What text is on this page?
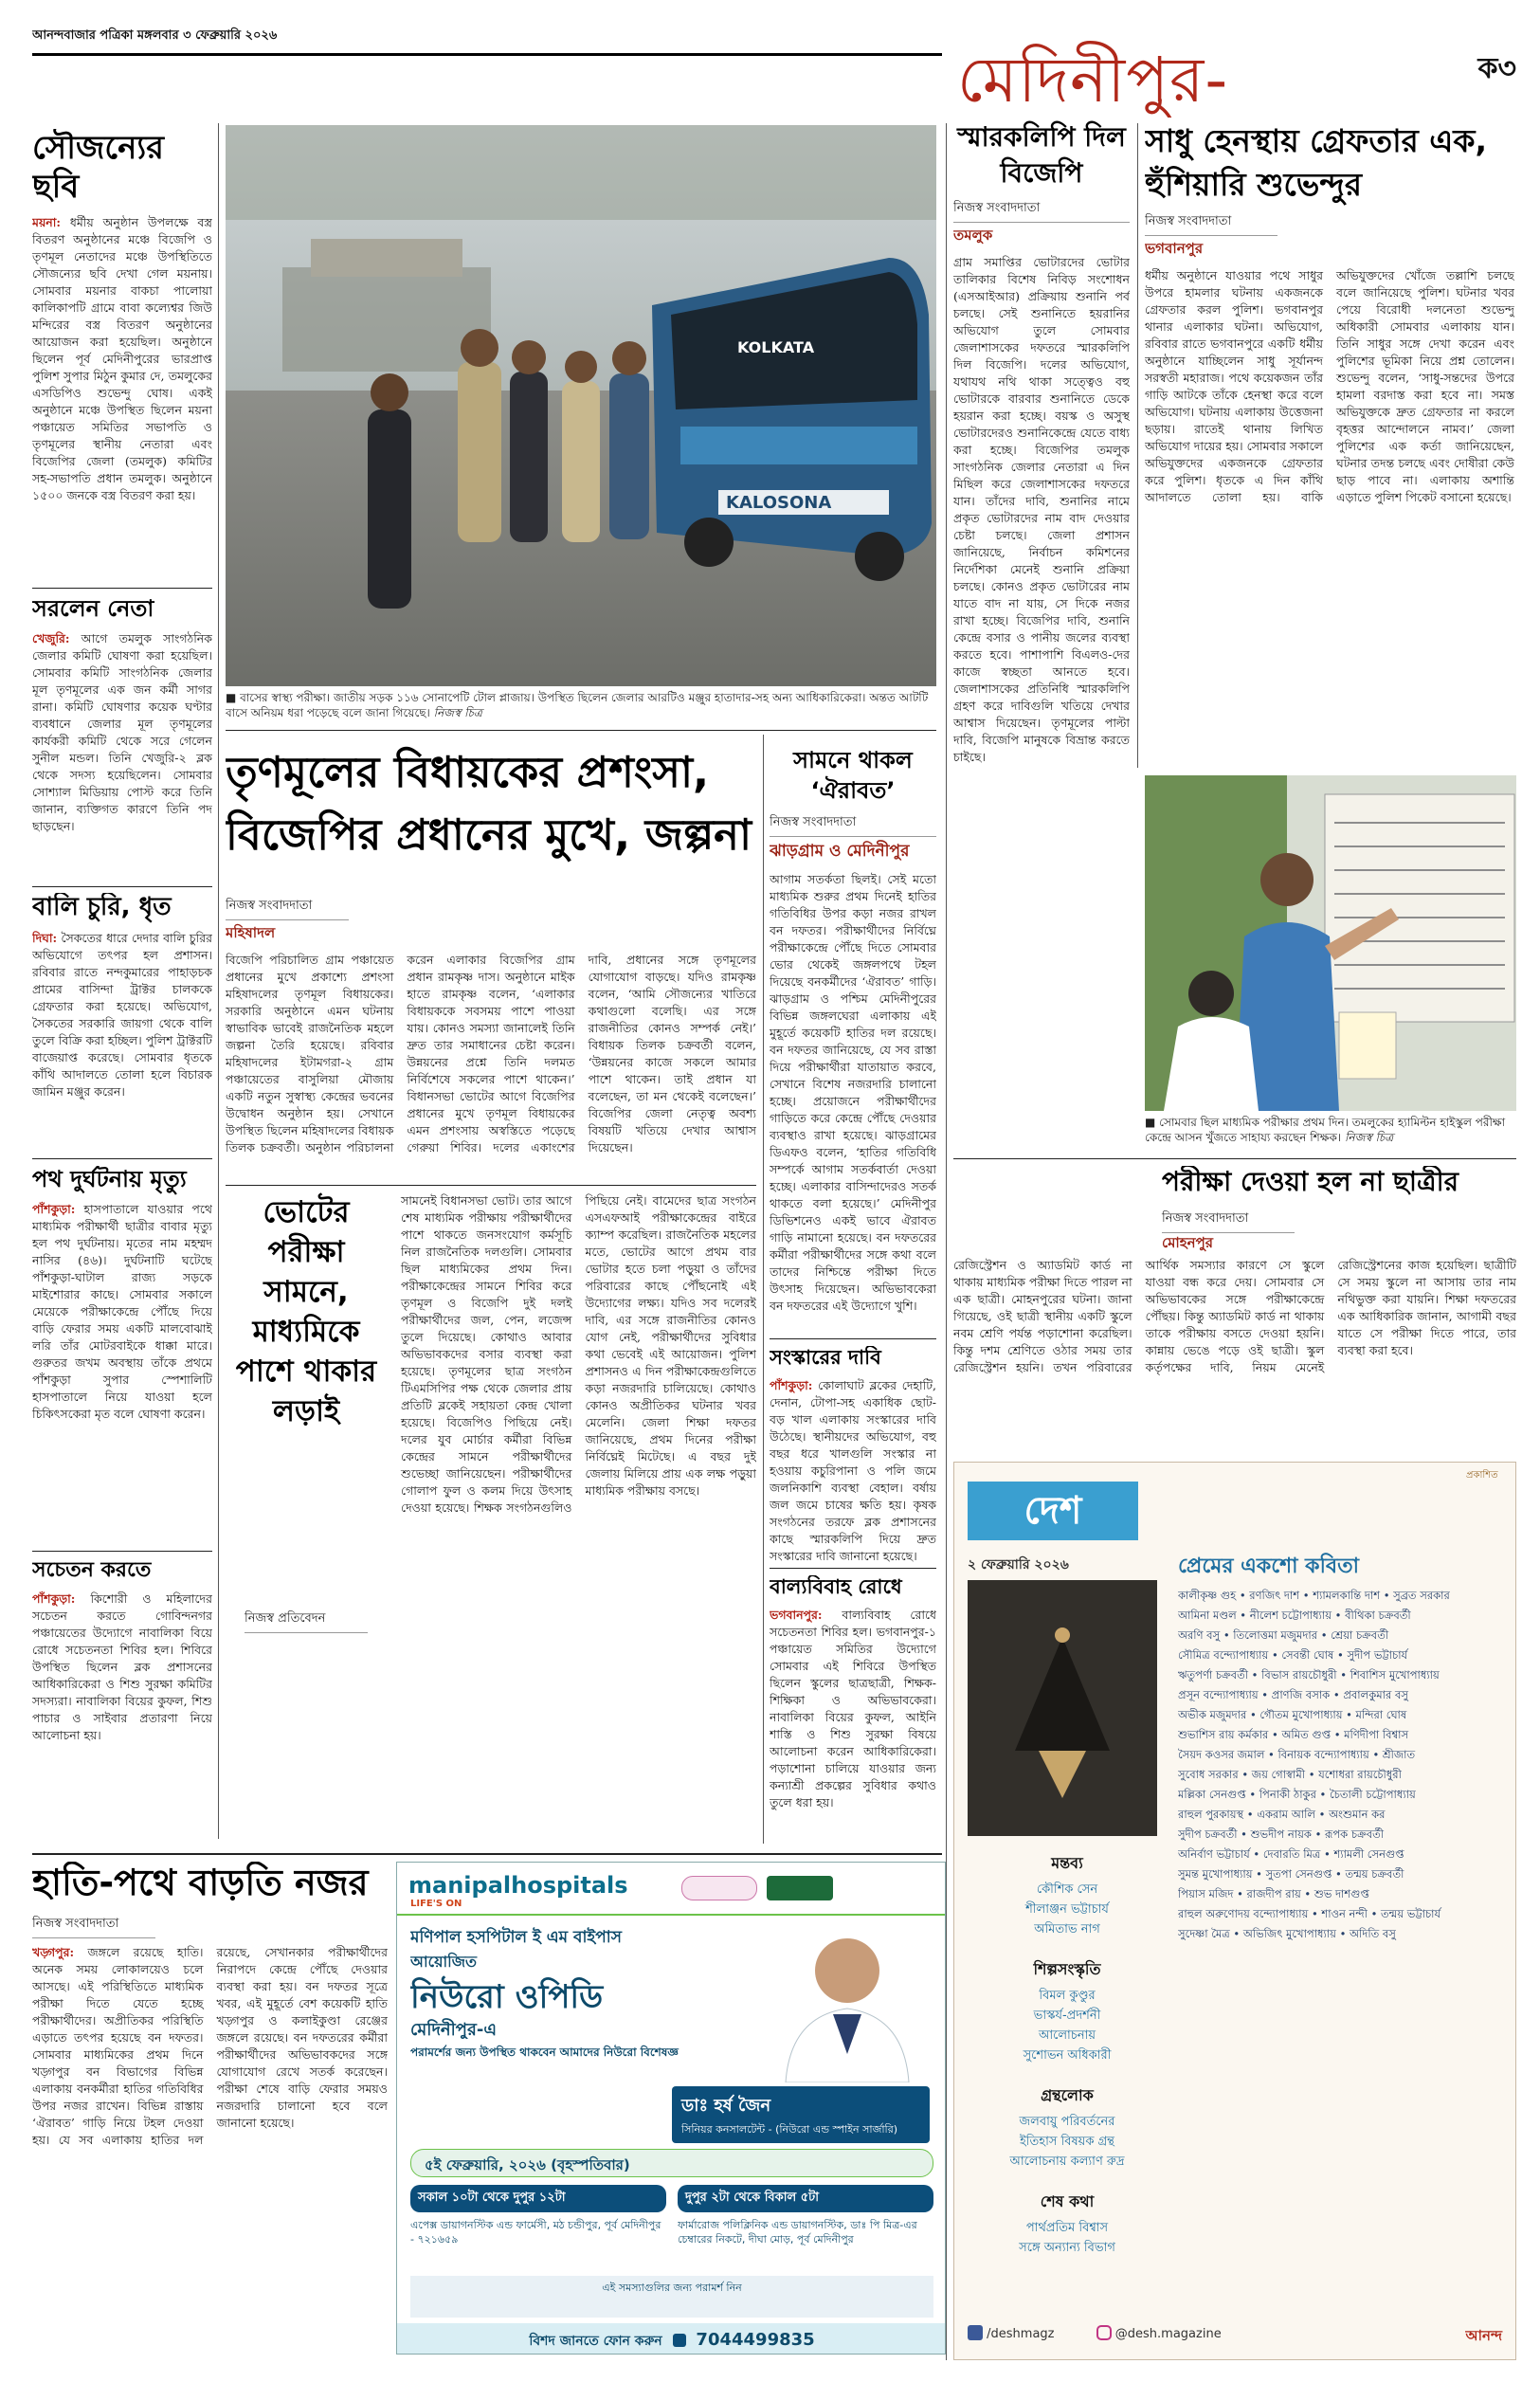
আনন্দবাজার পত্রিকা মঙ্গলবার ৩ ফেব্রুয়ারি ২০২৬
মেদিনীপুর-	ক৩
সৌজন্যের ছবি
ময়না: ধর্মীয় অনুষ্ঠান উপলক্ষে বস্ত্র বিতরণ অনুষ্ঠানের মঞ্চে বিজেপি ও তৃণমূল নেতাদের মঞ্চে উপস্থিতিতে সৌজন্যের ছবি দেখা গেল ময়নায়। সোমবার ময়নার বাকচা পালোয়া কালিকাপটি গ্রামে বাবা কল্যেশ্বর জিউ মন্দিরের বস্ত্র বিতরণ অনুষ্ঠানের আয়োজন করা হয়েছিল। অনুষ্ঠানে ছিলেন পূর্ব মেদিনীপুরের ভারপ্রাপ্ত পুলিশ সুপার মিঠুন কুমার দে, তমলুকের এসডিপিও শুভেন্দু ঘোষ। একই অনুষ্ঠানে মঞ্চে উপস্থিত ছিলেন ময়না পঞ্চায়েত সমিতির সভাপতি ও তৃণমূলের স্থানীয় নেতারা এবং বিজেপির জেলা (তমলুক) কমিটির সহ-সভাপতি প্রধান তমলুক। অনুষ্ঠানে ১৫০০ জনকে বস্ত্র বিতরণ করা হয়।
সরলেন নেতা
খেজুরি: আগে তমলুক সাংগঠনিক জেলার কমিটি ঘোষণা করা হয়েছিল। সোমবার কমিটি সাংগঠনিক জেলার মূল তৃণমূলের এক জন কর্মী সাগর রানা। কমিটি ঘোষণার কয়েক ঘণ্টার ব্যবধানে জেলার মূল তৃণমূলের কার্যকরী কমিটি থেকে সরে গেলেন সুনীল মন্ডল। তিনি খেজুরি-২ ব্লক থেকে সদস্য হয়েছিলেন। সোমবার সোশ্যাল মিডিয়ায় পোস্ট করে তিনি জানান, ব্যক্তিগত কারণে তিনি পদ ছাড়ছেন।
বালি চুরি, ধৃত
দিঘা: সৈকতের ধারে দেদার বালি চুরির অভিযোগে তৎপর হল প্রশাসন। রবিবার রাতে নন্দকুমারের পাহাড়চক প্রামের বাসিন্দা ট্রাক্টর চালককে গ্রেফতার করা হয়েছে। অভিযোগ, সৈকতের সরকারি জায়গা থেকে বালি তুলে বিক্রি করা হচ্ছিল। পুলিশ ট্রাক্টরটি বাজেয়াপ্ত করেছে। সোমবার ধৃতকে কাঁথি আদালতে তোলা হলে বিচারক জামিন মঞ্জুর করেন।
পথ দুর্ঘটনায় মৃত্যু
পাঁশকুড়া: হাসপাতালে যাওয়ার পথে মাধ্যমিক পরীক্ষার্থী ছাত্রীর বাবার মৃত্যু হল পথ দুর্ঘটনায়। মৃতের নাম মহম্মদ নাসির (৪৬)। দুর্ঘটনাটি ঘটেছে পাঁশকুড়া-ঘাটাল রাজ্য সড়কে মাইশোরার কাছে। সোমবার সকালে মেয়েকে পরীক্ষাকেন্দ্রে পৌঁছে দিয়ে বাড়ি ফেরার সময় একটি মালবোঝাই লরি তাঁর মোটরবাইকে ধাক্কা মারে। গুরুতর জখম অবস্থায় তাঁকে প্রথমে পাঁশকুড়া সুপার স্পেশালিটি হাসপাতালে নিয়ে যাওয়া হলে চিকিৎসকেরা মৃত বলে ঘোষণা করেন।
সচেতন করতে
পাঁশকুড়া: কিশোরী ও মহিলাদের সচেতন করতে গোবিন্দনগর পঞ্চায়েতের উদ্যোগে নাবালিকা বিয়ে রোধে সচেতনতা শিবির হল। শিবিরে উপস্থিত ছিলেন ব্লক প্রশাসনের আধিকারিকেরা ও শিশু সুরক্ষা কমিটির সদস্যরা। নাবালিকা বিয়ের কুফল, শিশু পাচার ও সাইবার প্রতারণা নিয়ে আলোচনা হয়।
KALOSONA
KOLKATA
■ বাসের স্বাস্থ্য পরীক্ষা। জাতীয় সড়ক ১১৬ সোনাপেটি টোল প্লাজায়। উপস্থিত ছিলেন জেলার আরটিও মঞ্জুর হাতাদার-সহ অন্য আধিকারিকেরা। অন্তত আটটি বাসে অনিয়ম ধরা পড়েছে বলে জানা গিয়েছে। নিজস্ব চিত্র
তৃণমূলের বিধায়কের প্রশংসা,
বিজেপির প্রধানের মুখে, জল্পনা
নিজস্ব সংবাদদাতা
মহিষাদল
বিজেপি পরিচালিত গ্রাম পঞ্চায়েত প্রধানের মুখে প্রকাশ্যে প্রশংসা মহিষাদলের তৃণমূল বিধায়কের। সরকারি অনুষ্ঠানে এমন ঘটনায় স্বাভাবিক ভাবেই রাজনৈতিক মহলে জল্পনা তৈরি হয়েছে। রবিবার মহিষাদলের ইটামগরা-২ গ্রাম পঞ্চায়েতের বাসুলিয়া মৌজায় একটি নতুন সুস্বাস্থ্য কেন্দ্রের ভবনের উদ্বোধন অনুষ্ঠান হয়। সেখানে উপস্থিত ছিলেন মহিষাদলের বিধায়ক তিলক চক্রবর্তী। অনুষ্ঠান পরিচালনা করেন এলাকার বিজেপির গ্রাম প্রধান রামকৃষ্ণ দাস। অনুষ্ঠানে মাইক হাতে রামকৃষ্ণ বলেন, ‘এলাকার বিধায়ককে সবসময় পাশে পাওয়া যায়। কোনও সমস্যা জানালেই তিনি দ্রুত তার সমাধানের চেষ্টা করেন। উন্নয়নের প্রশ্নে তিনি দলমত নির্বিশেষে সকলের পাশে থাকেন।’ বিধানসভা ভোটের আগে বিজেপির প্রধানের মুখে তৃণমূল বিধায়কের এমন প্রশংসায় অস্বস্তিতে পড়েছে গেরুয়া শিবির। দলের একাংশের দাবি, প্রধানের সঙ্গে তৃণমূলের যোগাযোগ বাড়ছে। যদিও রামকৃষ্ণ বলেন, ‘আমি সৌজন্যের খাতিরে কথাগুলো বলেছি। এর সঙ্গে রাজনীতির কোনও সম্পর্ক নেই।’ বিধায়ক তিলক চক্রবর্তী বলেন, ‘উন্নয়নের কাজে সকলে আমার পাশে থাকেন। তাই প্রধান যা বলেছেন, তা মন থেকেই বলেছেন।’ বিজেপির জেলা নেতৃত্ব অবশ্য বিষয়টি খতিয়ে দেখার আশ্বাস দিয়েছেন।
ভোটের পরীক্ষা সামনে, মাধ্যমিকে পাশে থাকার লড়াই
নিজস্ব প্রতিবেদন
সামনেই বিধানসভা ভোট। তার আগে শেষ মাধ্যমিক পরীক্ষায় পরীক্ষার্থীদের পাশে থাকতে জনসংযোগ কর্মসূচি নিল রাজনৈতিক দলগুলি। সোমবার ছিল মাধ্যমিকের প্রথম দিন। পরীক্ষাকেন্দ্রের সামনে শিবির করে তৃণমূল ও বিজেপি দুই দলই পরীক্ষার্থীদের জল, পেন, লজেন্স তুলে দিয়েছে। কোথাও আবার অভিভাবকদের বসার ব্যবস্থা করা হয়েছে। তৃণমূলের ছাত্র সংগঠন টিএমসিপির পক্ষ থেকে জেলার প্রায় প্রতিটি ব্লকেই সহায়তা কেন্দ্র খোলা হয়েছে। বিজেপিও পিছিয়ে নেই। দলের যুব মোর্চার কর্মীরা বিভিন্ন কেন্দ্রের সামনে পরীক্ষার্থীদের শুভেচ্ছা জানিয়েছেন। পরীক্ষার্থীদের গোলাপ ফুল ও কলম দিয়ে উৎসাহ দেওয়া হয়েছে। শিক্ষক সংগঠনগুলিও পিছিয়ে নেই। বামেদের ছাত্র সংগঠন এসএফআই পরীক্ষাকেন্দ্রের বাইরে ক্যাম্প করেছিল। রাজনৈতিক মহলের মতে, ভোটের আগে প্রথম বার ভোটার হতে চলা পড়ুয়া ও তাঁদের পরিবারের কাছে পৌঁছনোই এই উদ্যোগের লক্ষ্য। যদিও সব দলেরই দাবি, এর সঙ্গে রাজনীতির কোনও যোগ নেই, পরীক্ষার্থীদের সুবিধার কথা ভেবেই এই আয়োজন। পুলিশ প্রশাসনও এ দিন পরীক্ষাকেন্দ্রগুলিতে কড়া নজরদারি চালিয়েছে। কোথাও কোনও অপ্রীতিকর ঘটনার খবর মেলেনি। জেলা শিক্ষা দফতর জানিয়েছে, প্রথম দিনের পরীক্ষা নির্বিঘ্নেই মিটেছে। এ বছর দুই জেলায় মিলিয়ে প্রায় এক লক্ষ পড়ুয়া মাধ্যমিক পরীক্ষায় বসছে।
সামনে থাকল ‘ঐরাবত’
নিজস্ব সংবাদদাতা
ঝাড়গ্রাম ও মেদিনীপুর
আগাম সতর্কতা ছিলই। সেই মতো মাধ্যমিক শুরুর প্রথম দিনেই হাতির গতিবিধির উপর কড়া নজর রাখল বন দফতর। পরীক্ষার্থীদের নির্বিঘ্নে পরীক্ষাকেন্দ্রে পৌঁছে দিতে সোমবার ভোর থেকেই জঙ্গলপথে টহল দিয়েছে বনকর্মীদের ‘ঐরাবত’ গাড়ি। ঝাড়গ্রাম ও পশ্চিম মেদিনীপুরের বিভিন্ন জঙ্গলঘেরা এলাকায় এই মুহূর্তে কয়েকটি হাতির দল রয়েছে। বন দফতর জানিয়েছে, যে সব রাস্তা দিয়ে পরীক্ষার্থীরা যাতায়াত করবে, সেখানে বিশেষ নজরদারি চালানো হচ্ছে। প্রয়োজনে পরীক্ষার্থীদের গাড়িতে করে কেন্দ্রে পৌঁছে দেওয়ার ব্যবস্থাও রাখা হয়েছে। ঝাড়গ্রামের ডিএফও বলেন, ‘হাতির গতিবিধি সম্পর্কে আগাম সতর্কবার্তা দেওয়া হচ্ছে। এলাকার বাসিন্দাদেরও সতর্ক থাকতে বলা হয়েছে।’ মেদিনীপুর ডিভিশনেও একই ভাবে ঐরাবত গাড়ি নামানো হয়েছে। বন দফতরের কর্মীরা পরীক্ষার্থীদের সঙ্গে কথা বলে তাদের নিশ্চিন্তে পরীক্ষা দিতে উৎসাহ দিয়েছেন। অভিভাবকেরা বন দফতরের এই উদ্যোগে খুশি।
সংস্কারের দাবি
পাঁশকুড়া: কোলাঘাট ব্লকের দেহাটি, দেনান, টোপা-সহ একাধিক ছোট-বড় খাল এলাকায় সংস্কারের দাবি উঠেছে। স্থানীয়দের অভিযোগ, বহু বছর ধরে খালগুলি সংস্কার না হওয়ায় কচুরিপানা ও পলি জমে জলনিকাশি ব্যবস্থা বেহাল। বর্ষায় জল জমে চাষের ক্ষতি হয়। কৃষক সংগঠনের তরফে ব্লক প্রশাসনের কাছে স্মারকলিপি দিয়ে দ্রুত সংস্কারের দাবি জানানো হয়েছে।
বাল্যবিবাহ রোধে
ভগবানপুর: বাল্যবিবাহ রোধে সচেতনতা শিবির হল। ভগবানপুর-১ পঞ্চায়েত সমিতির উদ্যোগে সোমবার এই শিবিরে উপস্থিত ছিলেন স্কুলের ছাত্রছাত্রী, শিক্ষক-শিক্ষিকা ও অভিভাবকেরা। নাবালিকা বিয়ের কুফল, আইনি শাস্তি ও শিশু সুরক্ষা বিষয়ে আলোচনা করেন আধিকারিকেরা। পড়াশোনা চালিয়ে যাওয়ার জন্য কন্যাশ্রী প্রকল্পের সুবিধার কথাও তুলে ধরা হয়।
হাতি-পথে বাড়তি নজর
নিজস্ব সংবাদদাতা
খড়্গপুর: জঙ্গলে রয়েছে হাতি। অনেক সময় লোকালয়েও চলে আসছে। এই পরিস্থিতিতে মাধ্যমিক পরীক্ষা দিতে যেতে হচ্ছে পরীক্ষার্থীদের। অপ্রীতিকর পরিস্থিতি এড়াতে তৎপর হয়েছে বন দফতর। সোমবার মাধ্যমিকের প্রথম দিনে খড়্গপুর বন বিভাগের বিভিন্ন এলাকায় বনকর্মীরা হাতির গতিবিধির উপর নজর রাখেন। বিভিন্ন রাস্তায় ‘ঐরাবত’ গাড়ি নিয়ে টহল দেওয়া হয়। যে সব এলাকায় হাতির দল রয়েছে, সেখানকার পরীক্ষার্থীদের নিরাপদে কেন্দ্রে পৌঁছে দেওয়ার ব্যবস্থা করা হয়। বন দফতর সূত্রে খবর, এই মুহূর্তে বেশ কয়েকটি হাতি খড়্গপুর ও কলাইকুণ্ডা রেঞ্জের জঙ্গলে রয়েছে। বন দফতরের কর্মীরা পরীক্ষার্থীদের অভিভাবকদের সঙ্গে যোগাযোগ রেখে সতর্ক করেছেন। পরীক্ষা শেষে বাড়ি ফেরার সময়ও নজরদারি চালানো হবে বলে জানানো হয়েছে।
manipalhospitals
LIFE'S ON
মণিপাল হসপিটাল ই এম বাইপাস
আয়োজিত
নিউরো ওপিডি
মেদিনীপুর-এ
পরামর্শের জন্য উপস্থিত থাকবেন আমাদের নিউরো বিশেষজ্ঞ
ডাঃ হর্ষ জৈন
সিনিয়র কনসালটেন্ট - (নিউরো এন্ড স্পাইন সার্জারি)
৫ই ফেব্রুয়ারি, ২০২৬ (বৃহস্পতিবার)
সকাল ১০টা থেকে দুপুর ১২টা
এপেক্স ডায়াগনস্টিক এন্ড ফার্মেসী, মঠ চন্ডীপুর, পূর্ব মেদিনীপুর - ৭২১৬৫৯
দুপুর ২টা থেকে বিকাল ৫টা
ফার্মারোজ পলিক্লিনিক এন্ড ডায়াগনস্টিক, ডাঃ পি মিত্র-এর চেম্বারের নিকটে, দীঘা মোড়, পূর্ব মেদিনীপুর
এই সমস্যাগুলির জন্য পরামর্শ নিন
বিশদ জানতে ফোন করুন 7044499835
স্মারকলিপি দিল বিজেপি
নিজস্ব সংবাদদাতা
তমলুক
গ্রাম সমাপ্তির ভোটারদের ভোটার তালিকার বিশেষ নিবিড় সংশোধন (এসআইআর) প্রক্রিয়ায় শুনানি পর্ব চলছে। সেই শুনানিতে হয়রানির অভিযোগ তুলে সোমবার জেলাশাসকের দফতরে স্মারকলিপি দিল বিজেপি। দলের অভিযোগ, যথাযথ নথি থাকা সত্ত্বেও বহু ভোটারকে বারবার শুনানিতে ডেকে হয়রান করা হচ্ছে। বয়স্ক ও অসুস্থ ভোটারদেরও শুনানিকেন্দ্রে যেতে বাধ্য করা হচ্ছে। বিজেপির তমলুক সাংগঠনিক জেলার নেতারা এ দিন মিছিল করে জেলাশাসকের দফতরে যান। তাঁদের দাবি, শুনানির নামে প্রকৃত ভোটারদের নাম বাদ দেওয়ার চেষ্টা চলছে। জেলা প্রশাসন জানিয়েছে, নির্বাচন কমিশনের নির্দেশিকা মেনেই শুনানি প্রক্রিয়া চলছে। কোনও প্রকৃত ভোটারের নাম যাতে বাদ না যায়, সে দিকে নজর রাখা হচ্ছে। বিজেপির দাবি, শুনানি কেন্দ্রে বসার ও পানীয় জলের ব্যবস্থা করতে হবে। পাশাপাশি বিএলও-দের কাজে স্বচ্ছতা আনতে হবে। জেলাশাসকের প্রতিনিধি স্মারকলিপি গ্রহণ করে দাবিগুলি খতিয়ে দেখার আশ্বাস দিয়েছেন। তৃণমূলের পাল্টা দাবি, বিজেপি মানুষকে বিভ্রান্ত করতে চাইছে।
সাধু হেনস্থায় গ্রেফতার এক, হুঁশিয়ারি শুভেন্দুর
নিজস্ব সংবাদদাতা
ভগবানপুর
ধর্মীয় অনুষ্ঠানে যাওয়ার পথে সাধুর উপরে হামলার ঘটনায় একজনকে গ্রেফতার করল পুলিশ। ভগবানপুর থানার এলাকার ঘটনা। অভিযোগ, রবিবার রাতে ভগবানপুরে একটি ধর্মীয় অনুষ্ঠানে যাচ্ছিলেন সাধু সূর্যানন্দ সরস্বতী মহারাজ। পথে কয়েকজন তাঁর গাড়ি আটকে তাঁকে হেনস্থা করে বলে অভিযোগ। ঘটনায় এলাকায় উত্তেজনা ছড়ায়। রাতেই থানায় লিখিত অভিযোগ দায়ের হয়। সোমবার সকালে অভিযুক্তদের একজনকে গ্রেফতার করে পুলিশ। ধৃতকে এ দিন কাঁথি আদালতে তোলা হয়। বাকি অভিযুক্তদের খোঁজে তল্লাশি চলছে বলে জানিয়েছে পুলিশ। ঘটনার খবর পেয়ে বিরোধী দলনেতা শুভেন্দু অধিকারী সোমবার এলাকায় যান। তিনি সাধুর সঙ্গে দেখা করেন এবং পুলিশের ভূমিকা নিয়ে প্রশ্ন তোলেন। শুভেন্দু বলেন, ‘সাধু-সন্তদের উপরে হামলা বরদাস্ত করা হবে না। সমস্ত অভিযুক্তকে দ্রুত গ্রেফতার না করলে বৃহত্তর আন্দোলনে নামব।’ জেলা পুলিশের এক কর্তা জানিয়েছেন, ঘটনার তদন্ত চলছে এবং দোষীরা কেউ ছাড় পাবে না। এলাকায় অশান্তি এড়াতে পুলিশ পিকেট বসানো হয়েছে।
■ সোমবার ছিল মাধ্যমিক পরীক্ষার প্রথম দিন। তমলুকের হ্যামিল্টন হাইস্কুল পরীক্ষা কেন্দ্রে আসন খুঁজতে সাহায্য করছেন শিক্ষক। নিজস্ব চিত্র
পরীক্ষা দেওয়া হল না ছাত্রীর
নিজস্ব সংবাদদাতা
মোহনপুর
রেজিস্ট্রেশন ও অ্যাডমিট কার্ড না থাকায় মাধ্যমিক পরীক্ষা দিতে পারল না এক ছাত্রী। মোহনপুরের ঘটনা। জানা গিয়েছে, ওই ছাত্রী স্থানীয় একটি স্কুলে নবম শ্রেণি পর্যন্ত পড়াশোনা করেছিল। কিন্তু দশম শ্রেণিতে ওঠার সময় তার রেজিস্ট্রেশন হয়নি। তখন পরিবারের আর্থিক সমস্যার কারণে সে স্কুলে যাওয়া বন্ধ করে দেয়। সোমবার সে অভিভাবকের সঙ্গে পরীক্ষাকেন্দ্রে পৌঁছয়। কিন্তু অ্যাডমিট কার্ড না থাকায় তাকে পরীক্ষায় বসতে দেওয়া হয়নি। কান্নায় ভেঙে পড়ে ওই ছাত্রী। স্কুল কর্তৃপক্ষের দাবি, নিয়ম মেনেই রেজিস্ট্রেশনের কাজ হয়েছিল। ছাত্রীটি সে সময় স্কুলে না আসায় তার নাম নথিভুক্ত করা যায়নি। শিক্ষা দফতরের এক আধিকারিক জানান, আগামী বছর যাতে সে পরীক্ষা দিতে পারে, তার ব্যবস্থা করা হবে।
প্রকাশিত
দেশ
২ ফেব্রুয়ারি ২০২৬	প্রেমের একশো কবিতা
কালীকৃষ্ণ গুহ • রণজিৎ দাশ • শ্যামলকান্তি দাশ • সুব্রত সরকার
আমিনা মণ্ডল • নীলেশ চট্টোপাধ্যায় • বীথিকা চক্রবর্তী
অরণি বসু • তিলোত্তমা মজুমদার • শ্রেয়া চক্রবর্তী
সৌমিত্র বন্দ্যোপাধ্যায় • সেবন্তী ঘোষ • সুদীপ ভট্টাচার্য
ঋতুপর্ণা চক্রবর্তী • বিভাস রায়চৌধুরী • শিবাশিস মুখোপাধ্যায়
প্রসূন বন্দ্যোপাধ্যায় • প্রাণজি বসাক • প্রবালকুমার বসু
অভীক মজুমদার • গৌতম মুখোপাধ্যায় • মন্দিরা ঘোষ
শুভাশিস রায় কর্মকার • অমিত গুপ্ত • মণিদীপা বিশ্বাস
সৈয়দ কওসর জমাল • বিনায়ক বন্দ্যোপাধ্যায় • শ্রীজাত
সুবোধ সরকার • জয় গোস্বামী • যশোধরা রায়চৌধুরী
মল্লিকা সেনগুপ্ত • পিনাকী ঠাকুর • চৈতালী চট্টোপাধ্যায়
রাহুল পুরকায়স্থ • একরাম আলি • অংশুমান কর
সুদীপ চক্রবর্তী • শুভদীপ নায়ক • রূপক চক্রবর্তী
অনির্বাণ ভট্টাচার্য • দেবারতি মিত্র • শ্যামলী সেনগুপ্ত
সুমন্ত মুখোপাধ্যায় • সুতপা সেনগুপ্ত • তন্ময় চক্রবর্তী
পিয়াস মজিদ • রাজদীপ রায় • শুভ দাশগুপ্ত
রাহুল অরুণোদয় বন্দ্যোপাধ্যায় • শাওন নন্দী • তন্ময় ভট্টাচার্য
সুদেষ্ণা মৈত্র • অভিজিৎ মুখোপাধ্যায় • অদিতি বসু
মন্তব্য
কৌশিক সেন
শীলাঞ্জন ভট্টাচার্য
অমিতাভ নাগ
শিল্পসংস্কৃতি
বিমল কুণ্ডুর
ভাস্কর্য-প্রদর্শনী
আলোচনায়
সুশোভন অধিকারী
গ্রন্থলোক
জলবায়ু পরিবর্তনের
ইতিহাস বিষয়ক গ্রন্থ
আলোচনায় কল্যাণ রুদ্র
শেষ কথা
পার্থপ্রতিম বিশ্বাস
সঙ্গে অন্যান্য বিভাগ
/deshmagz	@desh.magazine	আনন্দ
